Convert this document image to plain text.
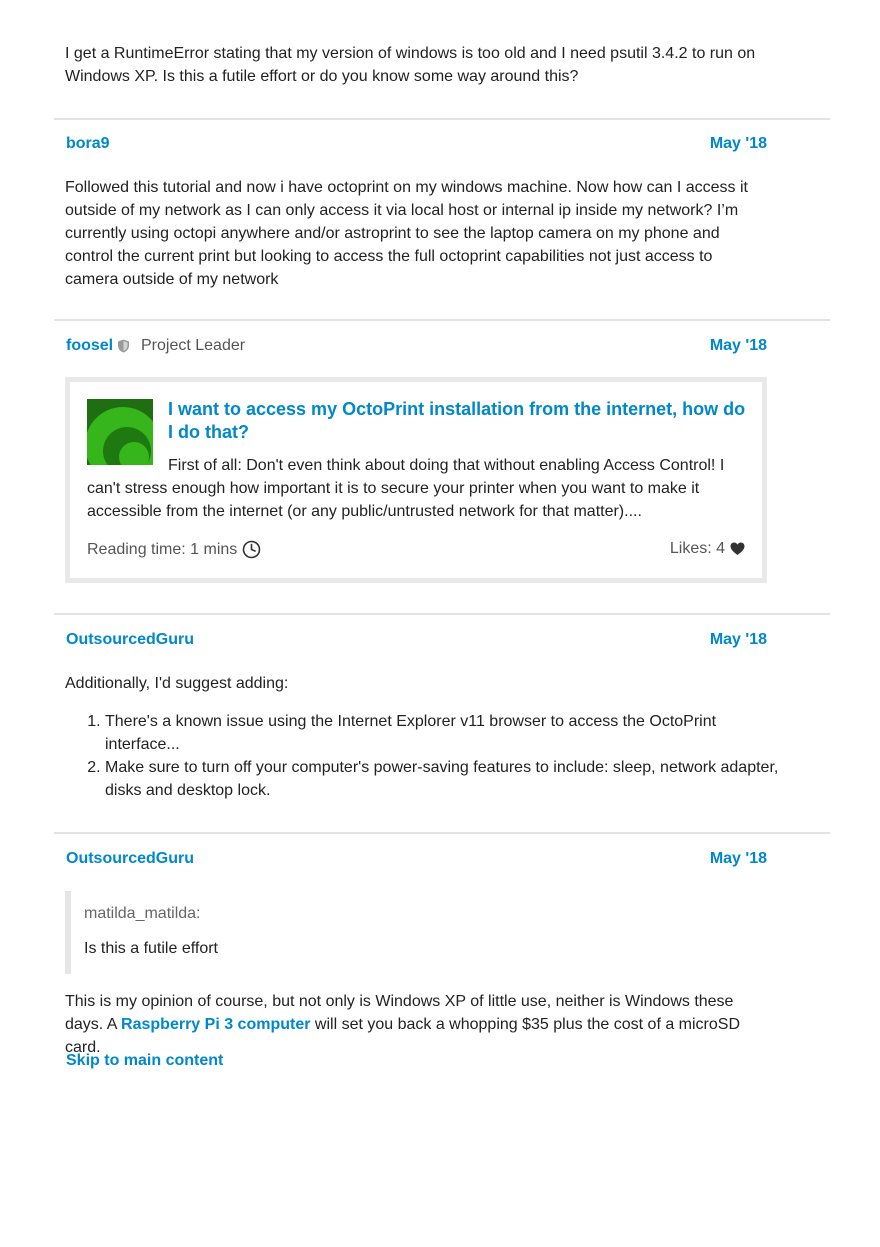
I get a RuntimeError stating that my version of windows is too old and I need psutil 3.4.2 to run on Windows XP. Is this a futile effort or do you know some way around this?
bora9	May '18
Followed this tutorial and now i have octoprint on my windows machine. Now how can I access it outside of my network as I can only access it via local host or internal ip inside my network? I’m currently using octopi anywhere and/or astroprint to see the laptop camera on my phone and control the current print but looking to access the full octoprint capabilities not just access to camera outside of my network
foosel Project Leader	May '18
I want to access my OctoPrint installation from the internet, how do I do that?
First of all: Don't even think about doing that without enabling Access Control! I can't stress enough how important it is to secure your printer when you want to make it accessible from the internet (or any public/untrusted network for that matter)....
Reading time: 1 mins	Likes: 4
OutsourcedGuru	May '18
Additionally, I'd suggest adding:
1. There's a known issue using the Internet Explorer v11 browser to access the OctoPrint interface...
2. Make sure to turn off your computer's power-saving features to include: sleep, network adapter, disks and desktop lock.
OutsourcedGuru	May '18
matilda_matilda:
Is this a futile effort
This is my opinion of course, but not only is Windows XP of little use, neither is Windows these days. A Raspberry Pi 3 computer will set you back a whopping $35 plus the cost of a microSD card.
Skip to main content
